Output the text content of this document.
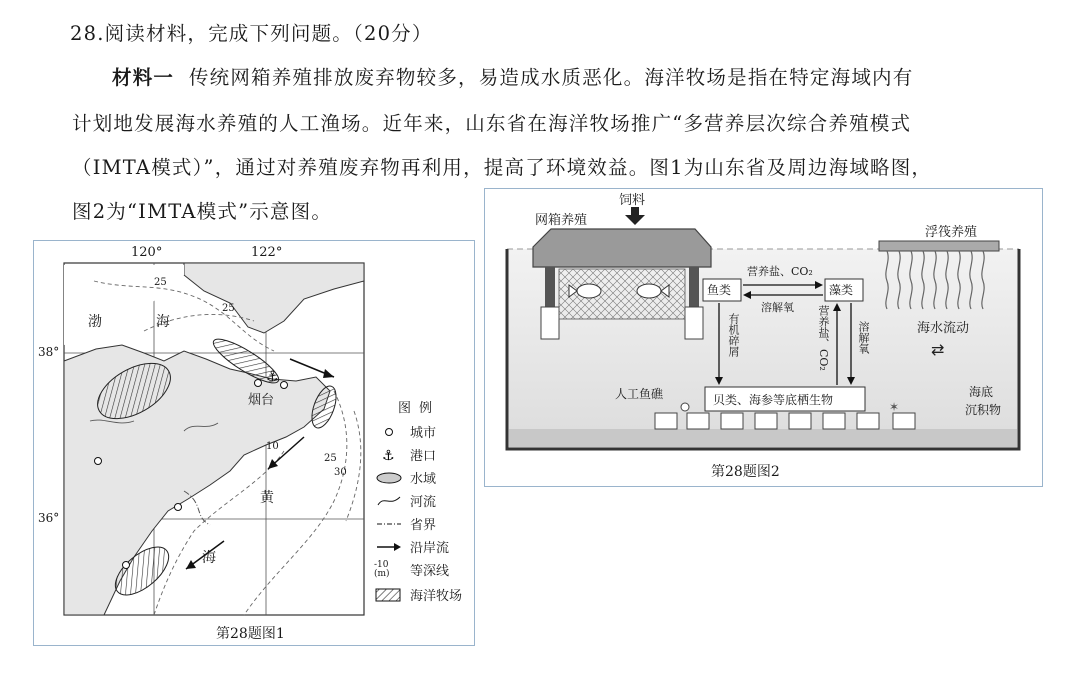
28.阅读材料，完成下列问题。（20分）
材料一 传统网箱养殖排放废弃物较多，易造成水质恶化。海洋牧场是指在特定海域内有
计划地发展海水养殖的人工渔场。近年来，山东省在海洋牧场推广“多营养层次综合养殖模式
（IMTA模式）”，通过对养殖废弃物再利用，提高了环境效益。图1为山东省及周边海域略图，
图2为“IMTA模式”示意图。
⚓
120°	122°
38°
36°
渤	海
黄
海
烟台
25
25
10
25
30
第28题图1
图例
城市
⚓ 港口
水域
河流
省界
沿岸流
-10
(m)	等深线
海洋牧场
⇄
✶
网箱养殖
饲料
浮筏养殖
鱼类	藻类
营养盐、CO₂
溶解氧
有机碎屑	营养盐、CO₂ 溶解氧	海水流动
人工鱼礁	贝类、海参等底栖生物
海底
沉积物
第28题图2
